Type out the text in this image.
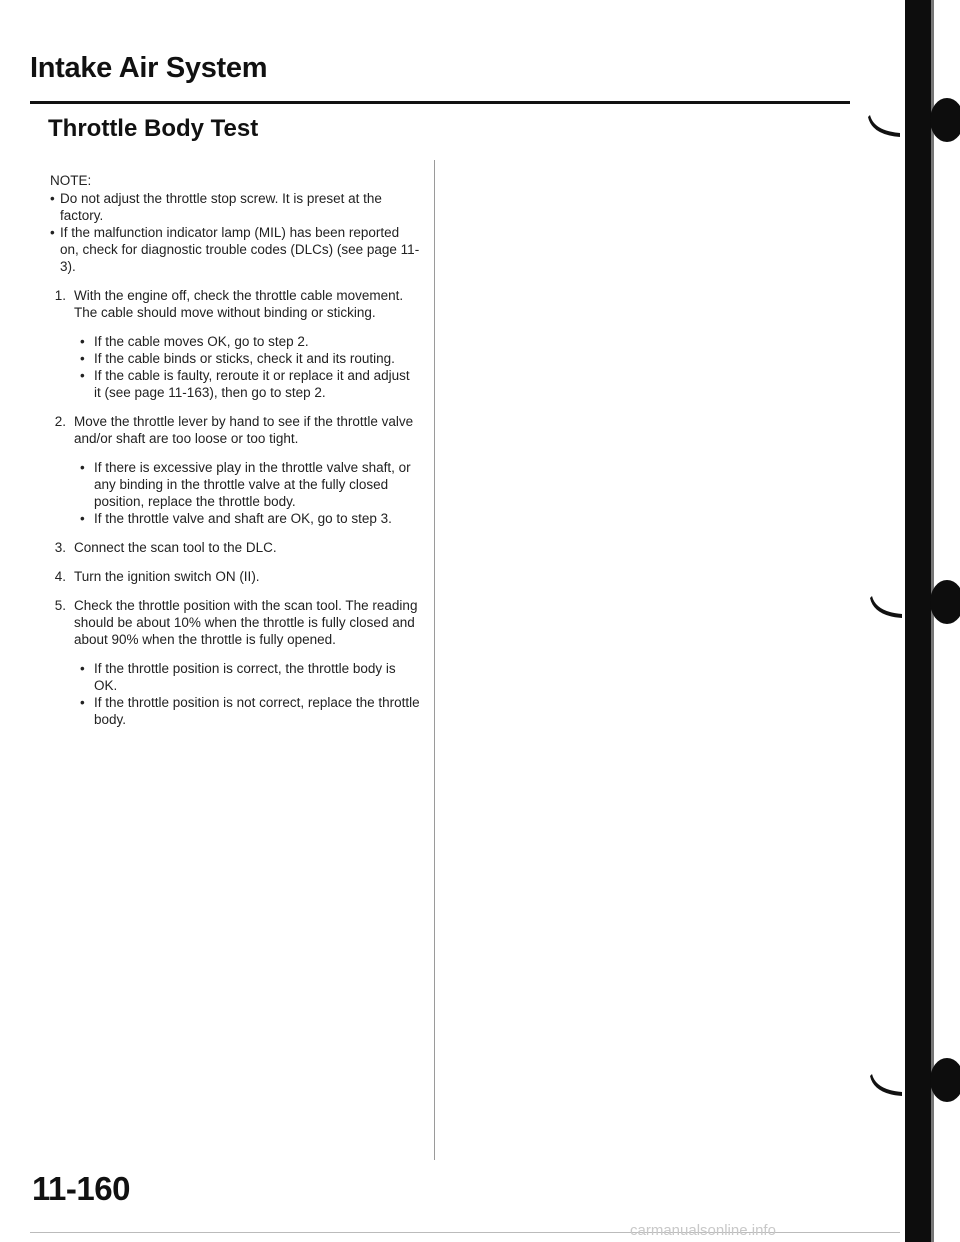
Intake Air System
Throttle Body Test

NOTE:

• Do not adjust the throttle stop screw. It is preset at the factory.
• If the malfunction indicator lamp (MIL) has been reported on, check for diagnostic trouble codes (DLCs) (see page 11-3).
1. With the engine off, check the throttle cable movement. The cable should move without binding or sticking.
• If the cable moves OK, go to step 2.
• If the cable binds or sticks, check it and its routing.
• If the cable is faulty, reroute it or replace it and adjust it (see page 11-163), then go to step 2.
2. Move the throttle lever by hand to see if the throttle valve and/or shaft are too loose or too tight.
• If there is excessive play in the throttle valve shaft, or any binding in the throttle valve at the fully closed position, replace the throttle body.
• If the throttle valve and shaft are OK, go to step 3.
3. Connect the scan tool to the DLC.
4. Turn the ignition switch ON (II).
5. Check the throttle position with the scan tool. The reading should be about 10% when the throttle is fully closed and about 90% when the throttle is fully opened.
• If the throttle position is correct, the throttle body is OK.
• If the throttle position is not correct, replace the throttle body.
11-160
carmanualsonline.info
